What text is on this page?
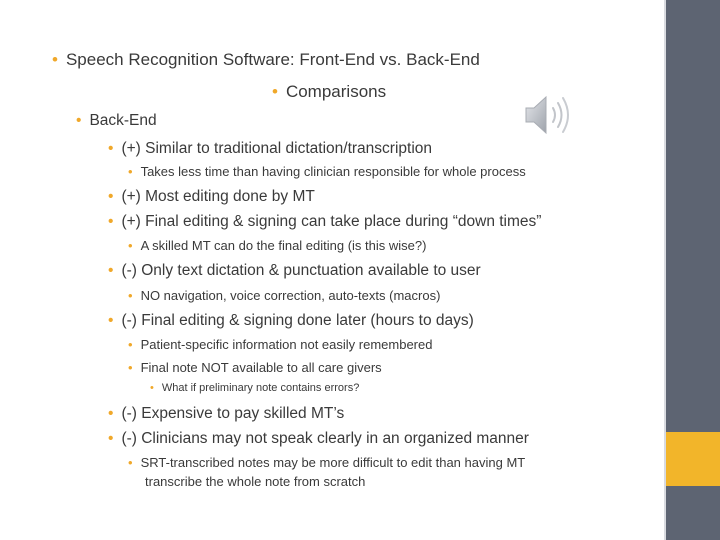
• Speech Recognition Software: Front-End vs. Back-End
• Comparisons
• Back-End
• (+) Similar to traditional dictation/transcription
• Takes less time than having clinician responsible for whole process
• (+) Most editing done by MT
• (+) Final editing & signing can take place during “down times”
• A skilled MT can do the final editing (is this wise?)
• (-) Only text dictation & punctuation available to user
• NO navigation, voice correction, auto-texts (macros)
• (-) Final editing & signing done later (hours to days)
• Patient-specific information not easily remembered
• Final note NOT available to all care givers
• What if preliminary note contains errors?
• (-) Expensive to pay skilled MT’s
• (-) Clinicians may not speak clearly in an organized manner
• SRT-transcribed notes may be more difficult to edit than having MT
transcribe the whole note from scratch
